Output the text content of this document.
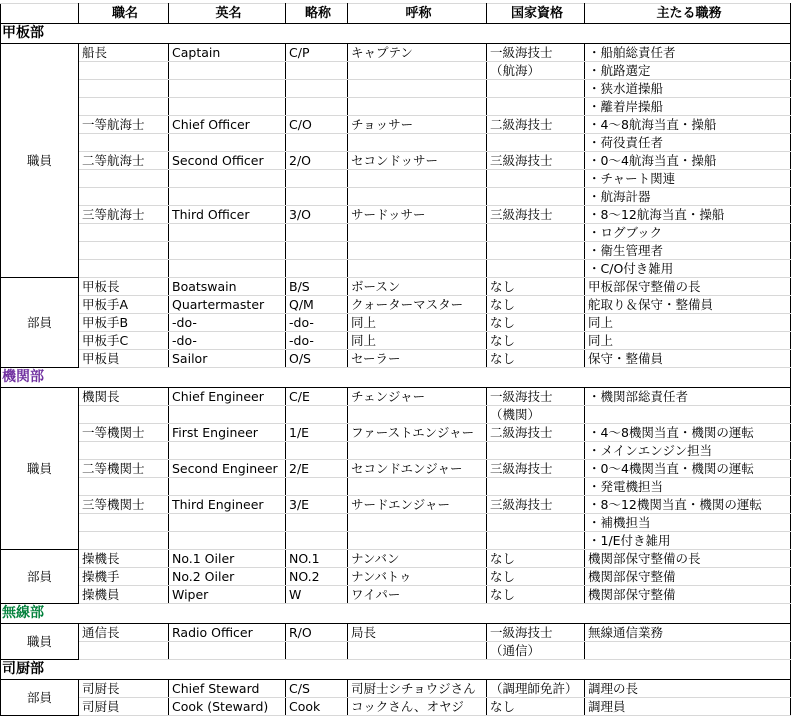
	職名	英名	略称	呼称	国家資格	主たる職務
甲板部						
職員	船長	Captain	C/P	キャプテン	一級海技士	・船舶総責任者
					（航海）	・航路選定
						・狭水道操船
						・離着岸操船
	一等航海士	Chief Officer	C/O	チョッサー	二級海技士	・4～8航海当直・操船
						・荷役責任者
	二等航海士	Second Officer	2/O	セコンドッサー	三級海技士	・0～4航海当直・操船
						・チャート関連
						・航海計器
	三等航海士	Third Officer	3/O	サードッサー	三級海技士	・8～12航海当直・操船
						・ログブック
						・衛生管理者
						・C/O付き雑用
部員	甲板長	Boatswain	B/S	ボースン	なし	甲板部保守整備の長
	甲板手A	Quartermaster	Q/M	クォーターマスター	なし	舵取り＆保守・整備員
	甲板手B	-do-	-do-	同上	なし	同上
	甲板手C	-do-	-do-	同上	なし	同上
	甲板員	Sailor	O/S	セーラー	なし	保守・整備員
機関部						
職員	機関長	Chief Engineer	C/E	チェンジャー	一級海技士	・機関部総責任者
					（機関）	
	一等機関士	First Engineer	1/E	ファーストエンジャー	二級海技士	・4～8機関当直・機関の運転
						・メインエンジン担当
	二等機関士	Second Engineer	2/E	セコンドエンジャー	三級海技士	・0～4機関当直・機関の運転
						・発電機担当
	三等機関士	Third Engineer	3/E	サードエンジャー	三級海技士	・8～12機関当直・機関の運転
						・補機担当
						・1/E付き雑用
部員	操機長	No.1 Oiler	NO.1	ナンバン	なし	機関部保守整備の長
	操機手	No.2 Oiler	NO.2	ナンバトゥ	なし	機関部保守整備
	操機員	Wiper	W	ワイパー	なし	機関部保守整備
無線部						
職員	通信長	Radio Officer	R/O	局長	一級海技士	無線通信業務
					（通信）	
司厨部						
部員	司厨長	Chief Steward	C/S	司厨士シチョウジさん	（調理師免許）	調理の長
	司厨員	Cook (Steward)	Cook	コックさん、オヤジ	なし	調理員
